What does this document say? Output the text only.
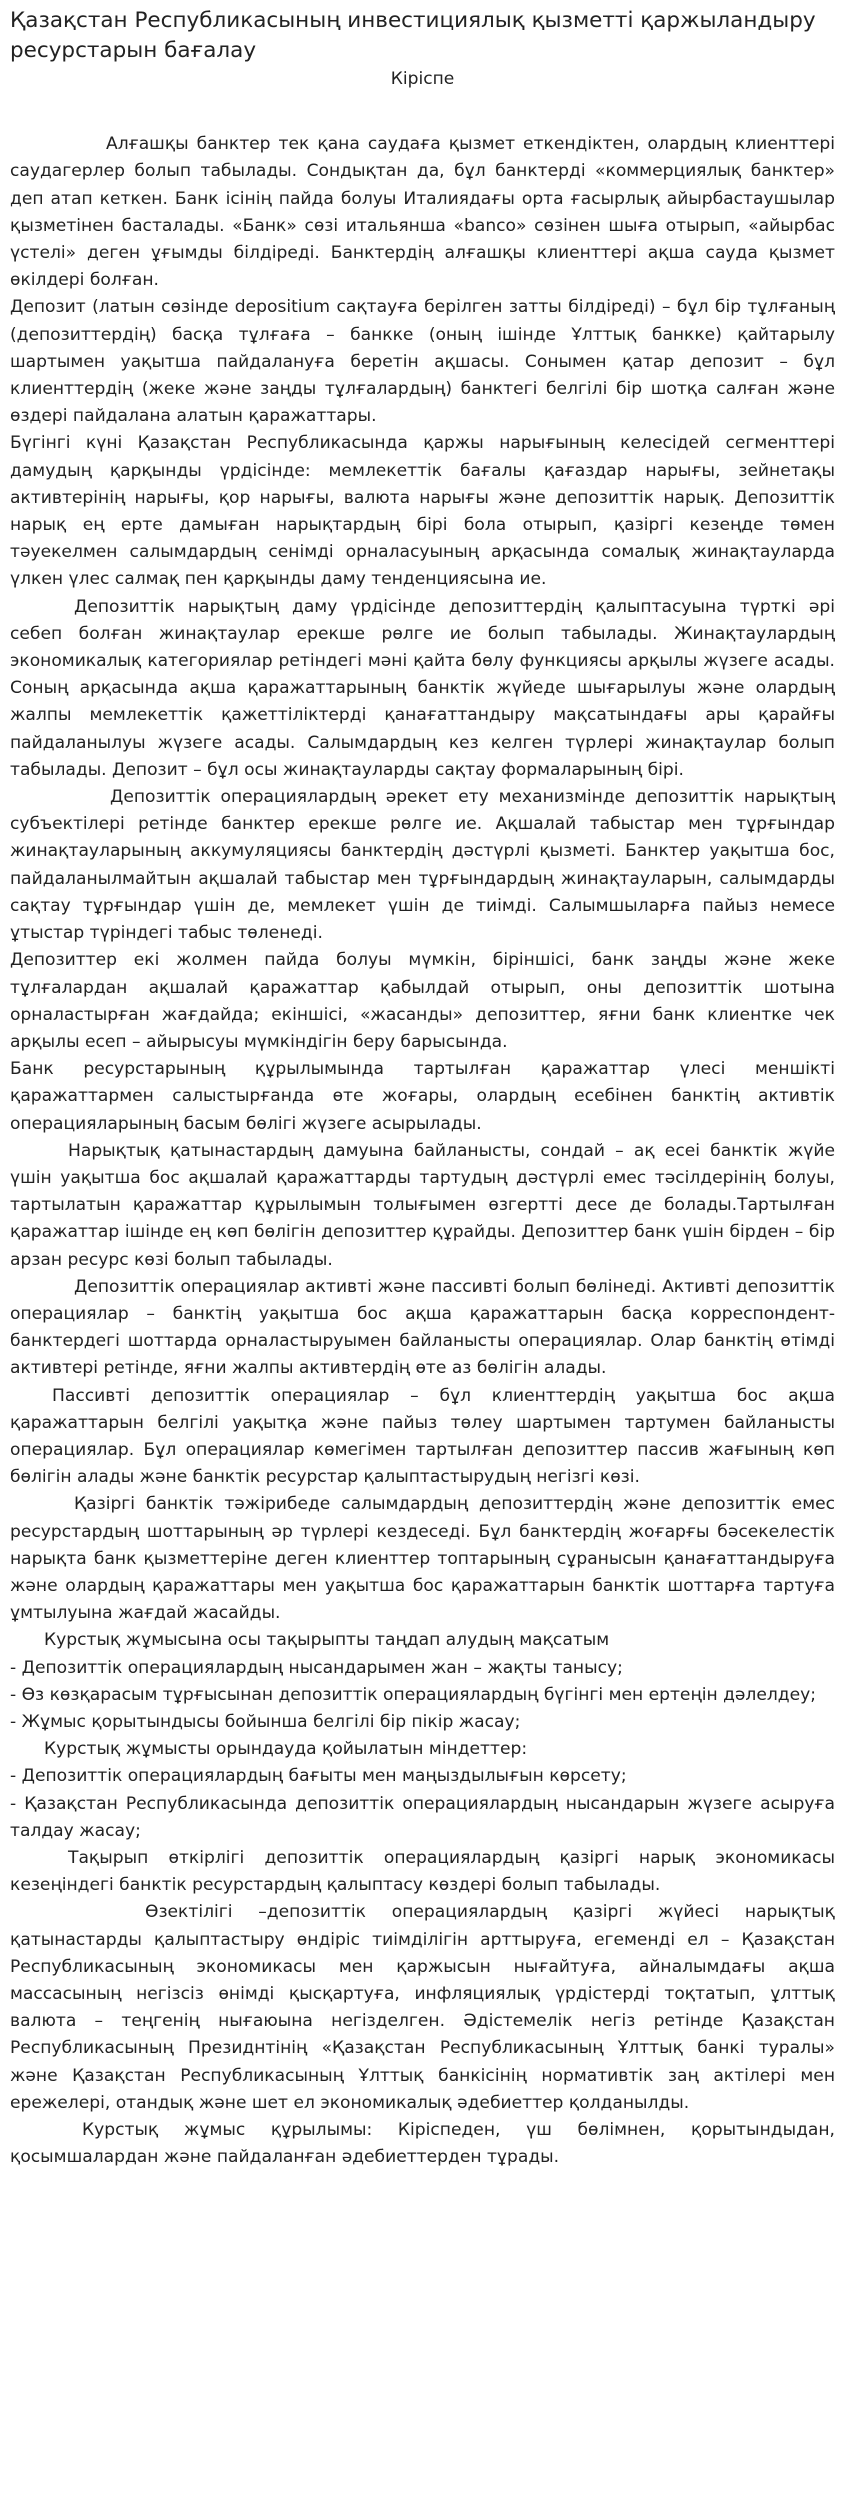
Қазақстан Республикасының инвестициялық қызметті қаржыландыру ресурстарын бағалау
Кіріспе

Алғашқы банктер тек қана саудаға қызмет еткендіктен, олардың клиенттері саудагерлер болып табылады. Сондықтан да, бұл банктерді «коммерциялық банктер» деп атап кеткен. Банк ісінің пайда болуы Италиядағы орта ғасырлық айырбастаушылар қызметінен басталады. «Банк» сөзі итальянша «banco» сөзінен шыға отырып, «айырбас үстелі» деген ұғымды білдіреді. Банктердің алғашқы клиенттері ақша саудa қызмет өкілдері болған.

Депозит (латын сөзінде depositium сақтауға берілген затты білдіреді) – бұл бір тұлғаның (депозиттердің) басқа тұлғаға – банкке (оның ішінде Ұлттық банкке) қайтарылу шартымен уақытша пайдалануға беретін ақшасы. Сонымен қатар депозит – бұл клиенттердің (жеке және заңды тұлғалардың) банктегі белгілі бір шотқа салған және өздері пайдалана алатын қаражаттары.

Бүгінгі күні Қазақстан Республикасында қаржы нарығының келесідей сегменттері дамудың қарқынды үрдісінде: мемлекеттік бағалы қағаздар нарығы, зейнетақы активтерінің нарығы, қор нарығы, валюта нарығы және депозиттік нарық. Депозиттік нарық ең ерте дамыған нарықтардың бірі бола отырып, қазіргі кезеңде төмен тәуекелмен салымдардың сенімді орналасуының арқасында сомалық жинақтауларда үлкен үлес салмақ пен қарқынды даму тенденциясына ие.

Депозиттік нарықтың даму үрдісінде депозиттердің қалыптасуына түрткі әрі себеп болған жинақтаулар ерекше рөлге ие болып табылады. Жинақтаулардың экономикалық категориялар ретіндегі мәні қайта бөлу функциясы арқылы жүзеге асады. Соның арқасында ақша қаражаттарының банктік жүйеде шығарылуы және олардың жалпы мемлекеттік қажеттіліктерді қанағаттандыру мақсатындағы ары қарайғы пайдаланылуы жүзеге асады. Салымдардың кез келген түрлері жинақтаулар болып табылады. Депозит – бұл осы жинақтауларды сақтау формаларының бірі.

Депозиттік операциялардың әрекет ету механизмінде депозиттік нарықтың субъектілері ретінде банктер ерекше рөлге ие. Ақшалай табыстар мен тұрғындар жинақтауларының аккумуляциясы банктердің дәстүрлі қызметі. Банктер уақытша бос, пайдаланылмайтын ақшалай табыстар мен тұрғындардың жинақтауларын, салымдарды сақтау тұрғындар үшін де, мемлекет үшін де тиімді. Салымшыларға пайыз немесе ұтыстар түріндегі табыс төленеді.

Депозиттер екі жолмен пайда болуы мүмкін, біріншісі, банк заңды және жеке тұлғалардан ақшалай қаражаттар қабылдай отырып, оны депозиттік шотына орналастырған жағдайда; екіншісі, «жасанды» депозиттер, яғни банк клиентке чек арқылы есеп – айырысуы мүмкіндігін беру барысында.

Банк ресурстарының құрылымында тартылған қаражаттар үлесі меншікті қаражаттармен салыстырғанда өте жоғары, олардың есебінен банктің активтік операцияларының басым бөлігі жүзеге асырылады.

Нарықтық қатынастардың дамуына байланысты, сондай – ақ есеі банктік жүйе үшін уақытша бос ақшалай қаражаттарды тартудың дәстүрлі емес тәсілдерінің болуы, тартылатын қаражаттар құрылымын толығымен өзгертті десе де болады.Тартылған қаражаттар ішінде ең көп бөлігін депозиттер құрайды. Депозиттер банк үшін бірден – бір арзан ресурс көзі болып табылады.

Депозиттік операциялар активті және пассивті болып бөлінеді. Активті депозиттік операциялар – банктің уақытша бос ақша қаражаттарын басқа корреспондент-банктердегі шоттарда орналастыруымен байланысты операциялар. Олар банктің өтімді активтері ретінде, яғни жалпы активтердің өте аз бөлігін алады.

Пассивті депозиттік операциялар – бұл клиенттердің уақытша бос ақша қаражаттарын белгілі уақытқа және пайыз төлеу шартымен тартумен байланысты операциялар. Бұл операциялар көмегімен тартылған депозиттер пассив жағының көп бөлігін алады және банктік ресурстар қалыптастырудың негізгі көзі.

Қазіргі банктік тәжірибеде салымдардың депозиттердің және депозиттік емес ресурстардың шоттарының әр түрлері кездеседі. Бұл банктердің жоғарғы бәсекелестік нарықта банк қызметтеріне деген клиенттер топтарының сұранысын қанағаттандыруға және олардың қаражаттары мен уақытша бос қаражаттарын банктік шоттарға тартуға ұмтылуына жағдай жасайды.

Курстық жұмысына осы тақырыпты таңдап алудың мақсатым

- Депозиттік операциялардың нысандарымен жан – жақты танысу;

- Өз көзқарасым тұрғысынан депозиттік операциялардың бүгінгі мен ертеңін дәлелдеу;

- Жұмыс қорытындысы бойынша белгілі бір пікір жасау;

Курстық жұмысты орындауда қойылатын міндеттер:

- Депозиттік операциялардың бағыты мен маңыздылығын көрсету;

- Қазақстан Республикасында депозиттік операциялардың нысандарын жүзеге асыруға талдау жасау;

Тақырып өткірлігі депозиттік операциялардың қазіргі нарық экономикасы кезеңіндегі банктік ресурстардың қалыптасу көздері болып табылады.

Өзектілігі –депозиттік операциялардың қазіргі жүйесі нарықтық қатынастарды қалыптастыру өндіріс тиімділігін арттыруға, егеменді ел – Қазақстан Республикасының экономикасы мен қаржысын нығайтуға, айналымдағы ақша массасының негізсіз өнімді қысқартуға, инфляциялық үрдістерді тоқтатып, ұлттық валюта – теңгенің нығаюына негізделген. Әдістемелік негіз ретінде Қазақстан Республикасының Президнтінің «Қазақстан Республикасының Ұлттық банкі туралы» және Қазақстан Республикасының Ұлттық банкісінің нормативтік заң актілері мен ережелері, отандық және шет ел экономикалық әдебиеттер қолданылды.

Курстық жұмыс құрылымы: Кіріспеден, үш бөлімнен, қорытындыдан, қосымшалардан және пайдаланған әдебиеттерден тұрады.
